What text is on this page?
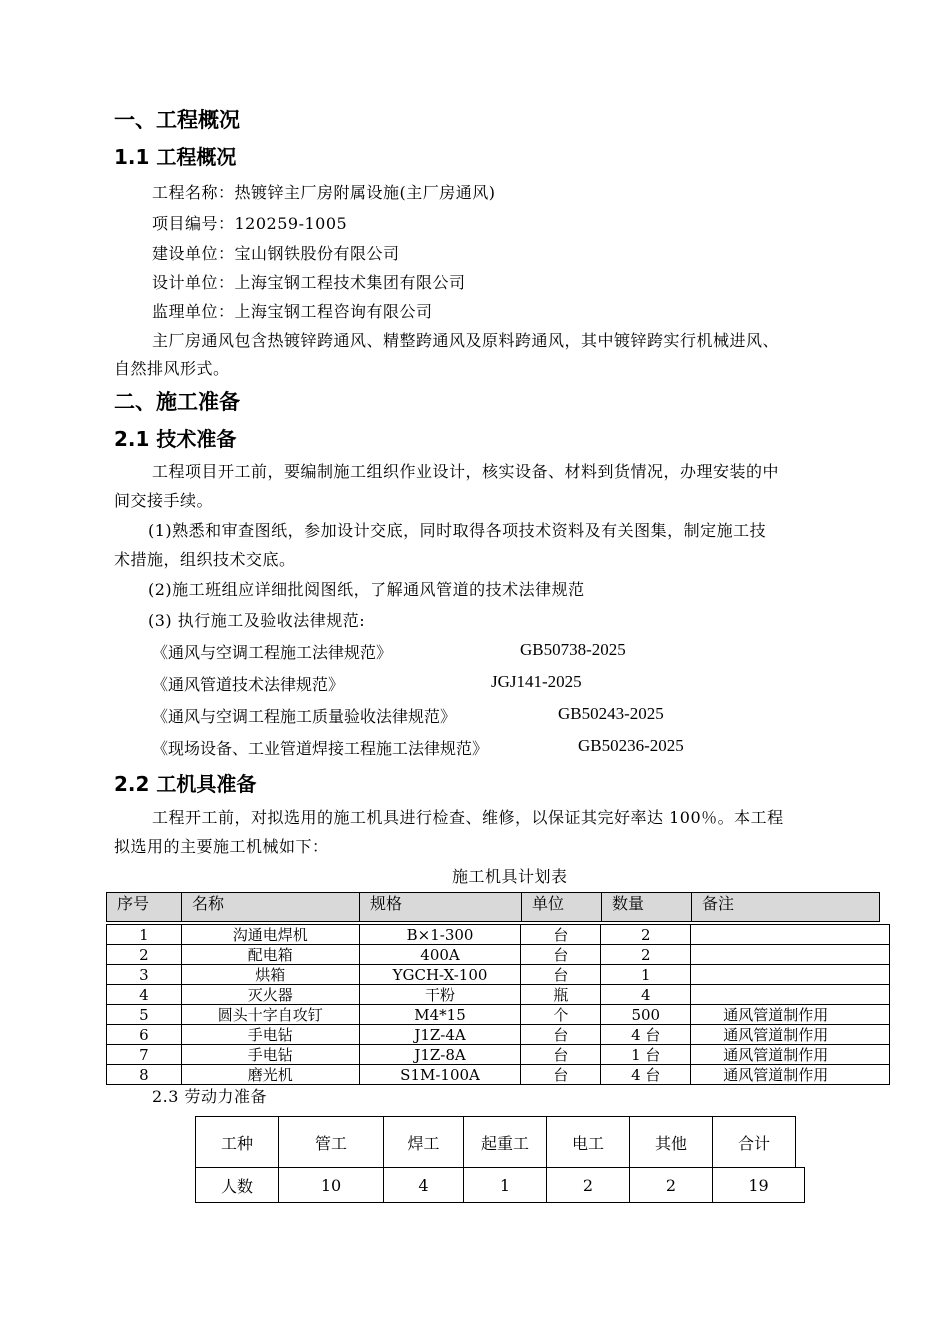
一、工程概况
1.1 工程概况
工程名称：热镀锌主厂房附属设施(主厂房通风)
项目编号：120259-1005
建设单位：宝山钢铁股份有限公司
设计单位：上海宝钢工程技术集团有限公司
监理单位：上海宝钢工程咨询有限公司
主厂房通风包含热镀锌跨通风、精整跨通风及原料跨通风，其中镀锌跨实行机械进风、
自然排风形式。
二、施工准备
2.1 技术准备
工程项目开工前，要编制施工组织作业设计，核实设备、材料到货情况，办理安装的中
间交接手续。
(1)熟悉和审查图纸，参加设计交底，同时取得各项技术资料及有关图集，制定施工技
术措施，组织技术交底。
(2)施工班组应详细批阅图纸，了解通风管道的技术法律规范
(3) 执行施工及验收法律规范:
《通风与空调工程施工法律规范》	GB50738-2025
《通风管道技术法律规范》	JGJ141-2025
《通风与空调工程施工质量验收法律规范》	GB50243-2025
《现场设备、工业管道焊接工程施工法律规范》	GB50236-2025
2.2 工机具准备
工程开工前，对拟选用的施工机具进行检查、维修，以保证其完好率达 100％。本工程
拟选用的主要施工机械如下：
施工机具计划表
序号	名称	规格	单位	数量	备注
1	沟通电焊机	B×1-300	台	2	
2	配电箱	400A	台	2	
3	烘箱	YGCH-X-100	台	1	
4	灭火器	干粉	瓶	4	
5	圆头十字自攻钉	M4*15	个	500	通风管道制作用
6	手电钻	J1Z-4A	台	4 台	通风管道制作用
7	手电钻	J1Z-8A	台	1 台	通风管道制作用
8	磨光机	S1M-100A	台	4 台	通风管道制作用
2.3 劳动力准备
工种	管工	焊工	起重工	电工	其他	合计	
人数	10	4	1	2	2	19	
